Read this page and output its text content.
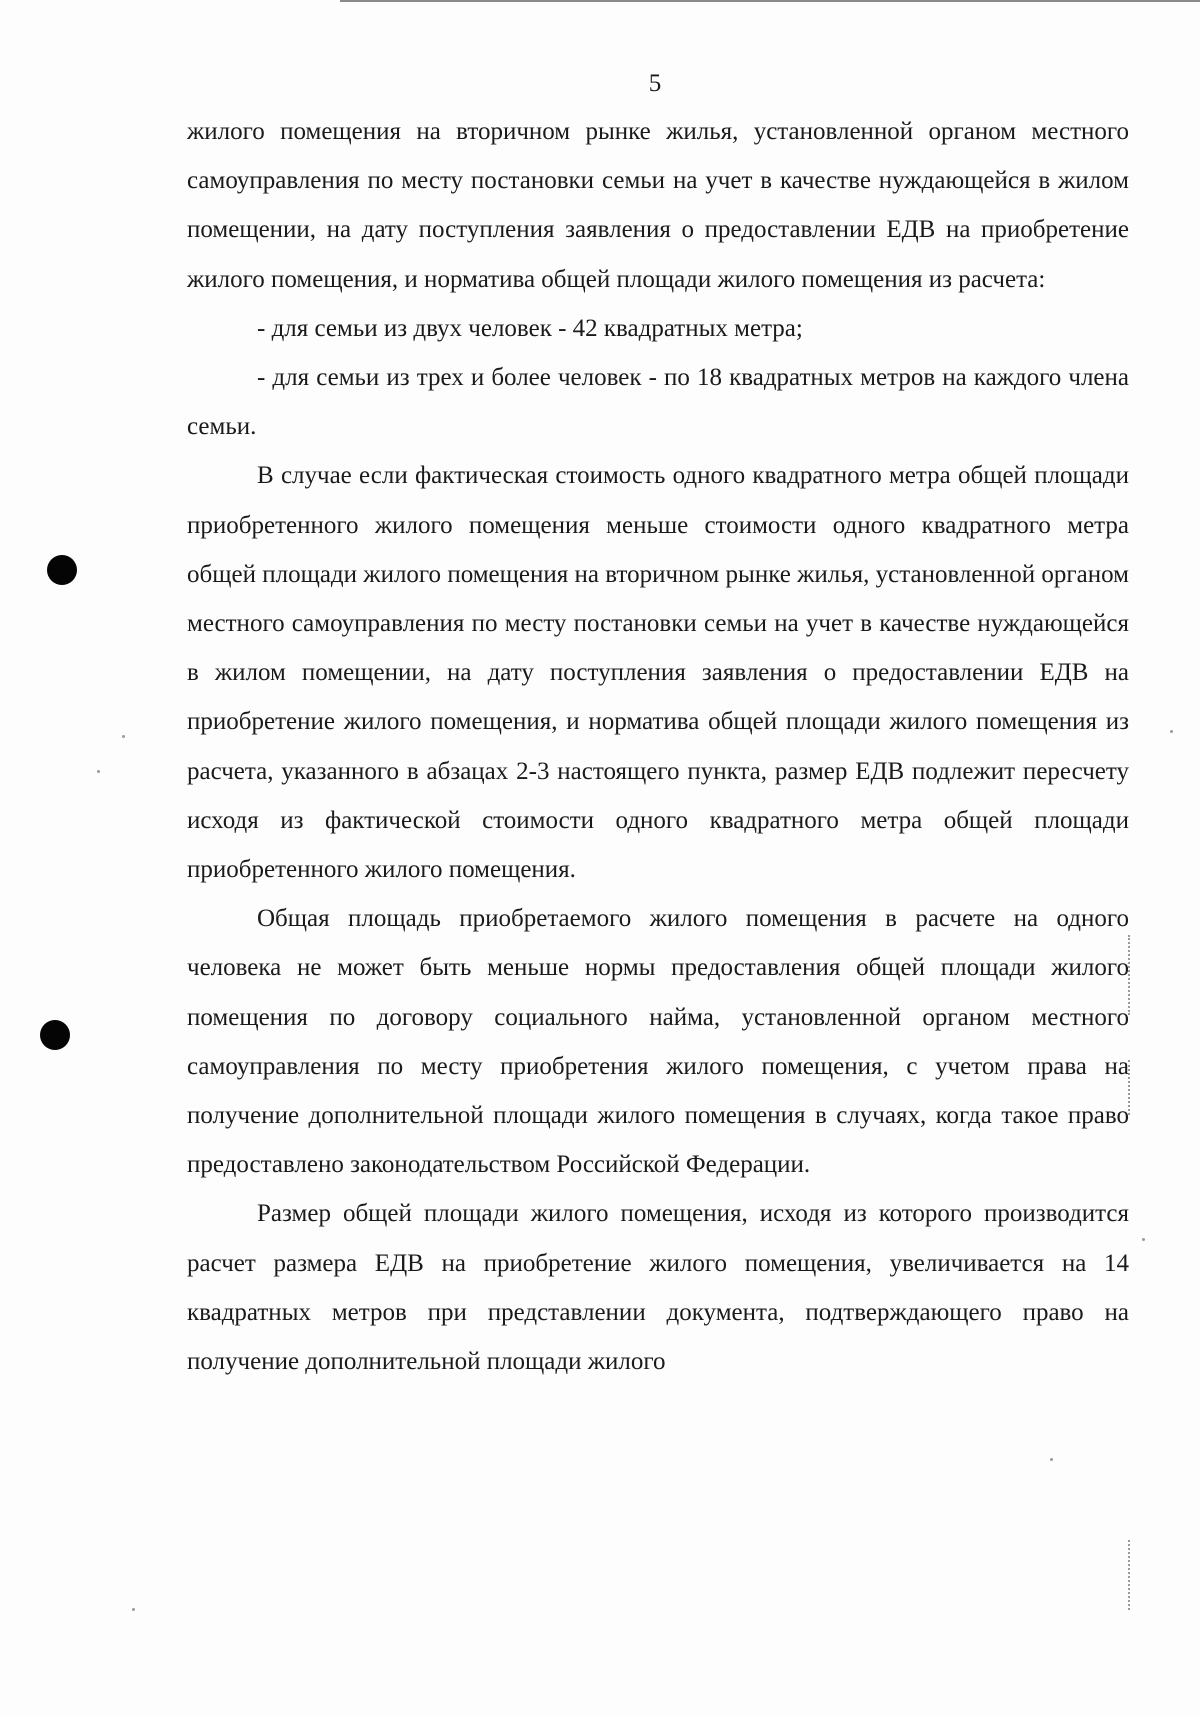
5

жилого помещения на вторичном рынке жилья, установленной органом местного самоуправления по месту постановки семьи на учет в качестве нуждающейся в жилом помещении, на дату поступления заявления о предоставлении ЕДВ на приобретение жилого помещения, и норматива общей площади жилого помещения из расчета:

- для семьи из двух человек - 42 квадратных метра;

- для семьи из трех и более человек - по 18 квадратных метров на каждого члена семьи.

В случае если фактическая стоимость одного квадратного метра общей площади приобретенного жилого помещения меньше стоимости одного квадратного метра общей площади жилого помещения на вторичном рынке жилья, установленной органом местного самоуправления по месту постановки семьи на учет в качестве нуждающейся в жилом помещении, на дату поступления заявления о предоставлении ЕДВ на приобретение жилого помещения, и норматива общей площади жилого помещения из расчета, указанного в абзацах 2-3 настоящего пункта, размер ЕДВ подлежит пересчету исходя из фактической стоимости одного квадратного метра общей площади приобретенного жилого помещения.

Общая площадь приобретаемого жилого помещения в расчете на одного человека не может быть меньше нормы предоставления общей площади жилого помещения по договору социального найма, установленной органом местного самоуправления по месту приобретения жилого помещения, с учетом права на получение дополнительной площади жилого помещения в случаях, когда такое право предоставлено законодательством Российской Федерации.

Размер общей площади жилого помещения, исходя из которого производится расчет размера ЕДВ на приобретение жилого помещения, увеличивается на 14 квадратных метров при представлении документа, подтверждающего право на получение дополнительной площади жилого
